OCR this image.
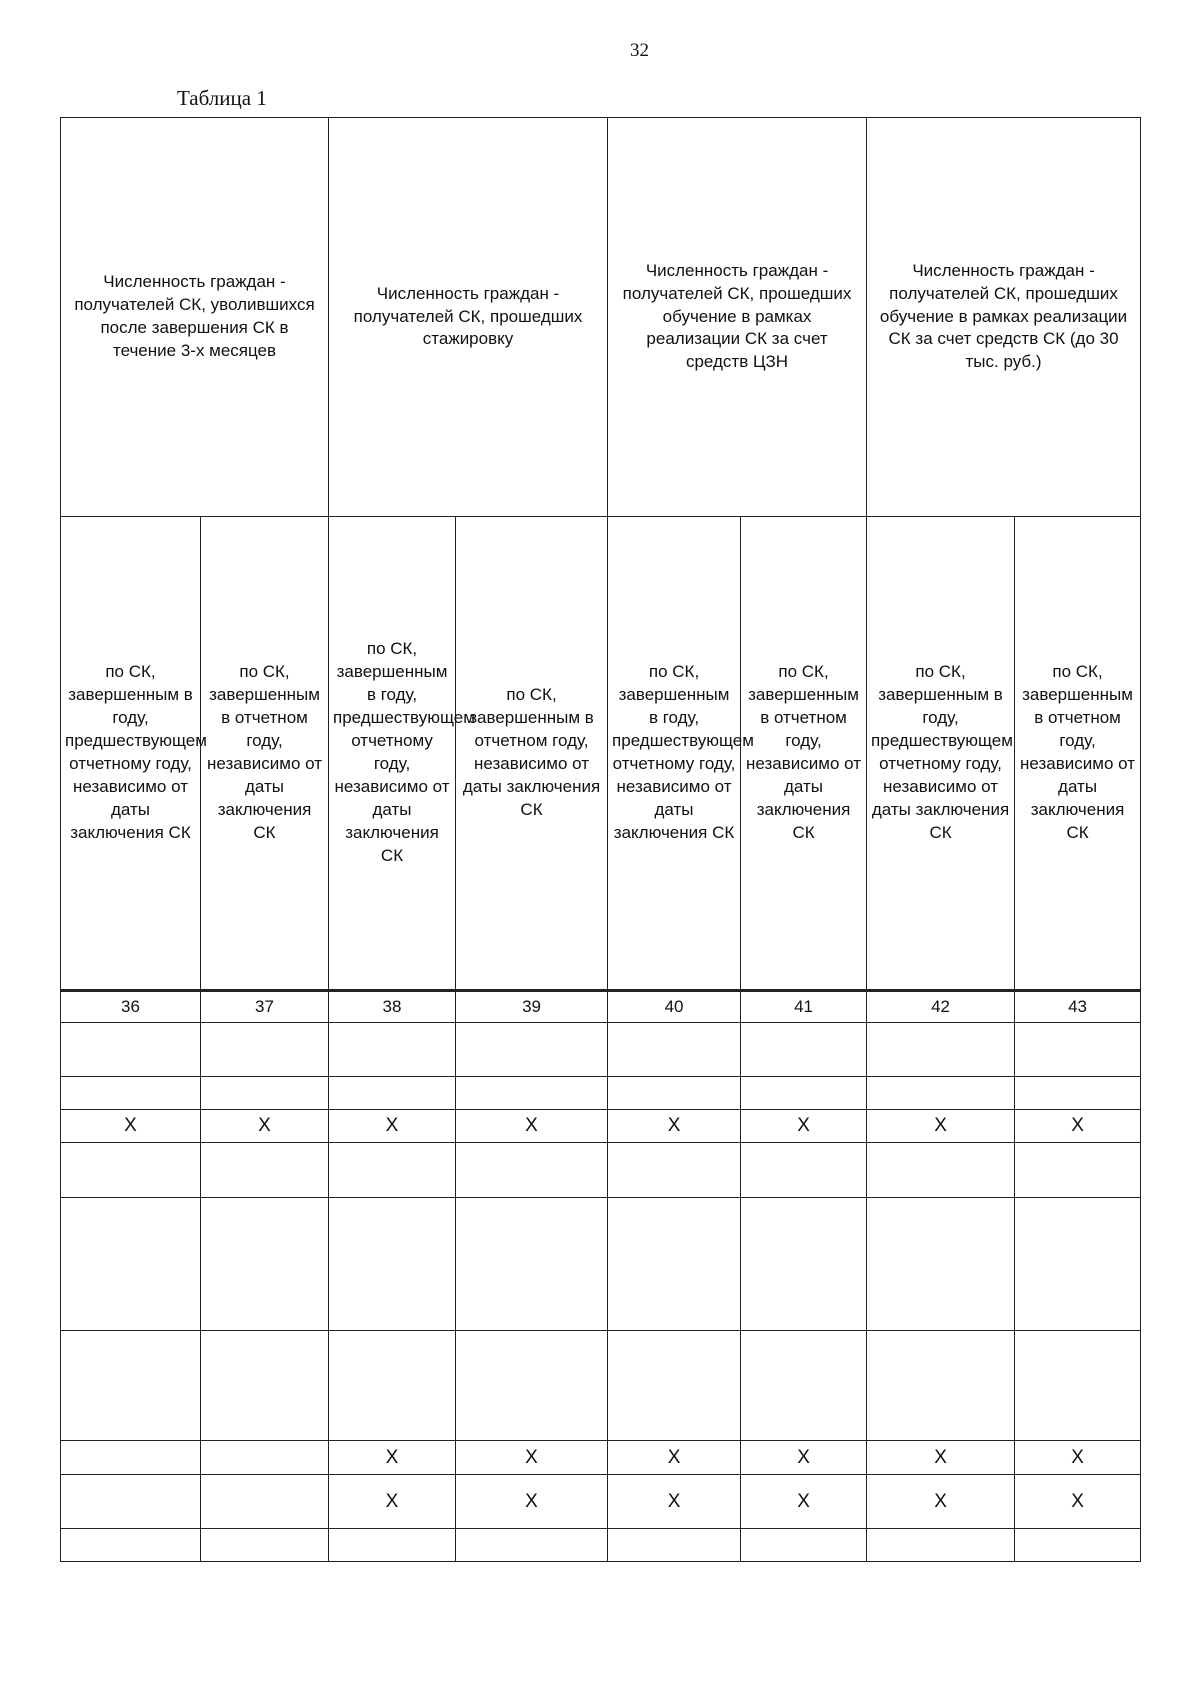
32
Таблица 1
Численность граждан - получателей СК, уволившихся после завершения СК в течение 3-х месяцев		Численность граждан - получателей СК, прошедших стажировку		Численность граждан - получателей СК, прошедших обучение в рамках реализации СК за счет средств ЦЗН		Численность граждан - получателей СК, прошедших обучение в рамках реализации СК за счет средств СК (до 30 тыс. руб.)	

по СК, завершенным в году, предшествующем отчетному году, независимо от даты заключения СК	по СК, завершенным в отчетном году, независимо от даты заключения СК	по СК, завершенным в году, предшествующем отчетному году, независимо от даты заключения СК	по СК, завершенным в отчетном году, независимо от даты заключения СК	по СК, завершенным в году, предшествующем отчетному году, независимо от даты заключения СК	по СК, завершенным в отчетном году, независимо от даты заключения СК	по СК, завершенным в году, предшествующем отчетному году, независимо от даты заключения СК	по СК, завершенным в отчетном году, независимо от даты заключения СК

36	37	38	39	40	41	42	43

X	X	X	X	X	X	X	X

		X	X	X	X	X	X
		X	X	X	X	X	X
